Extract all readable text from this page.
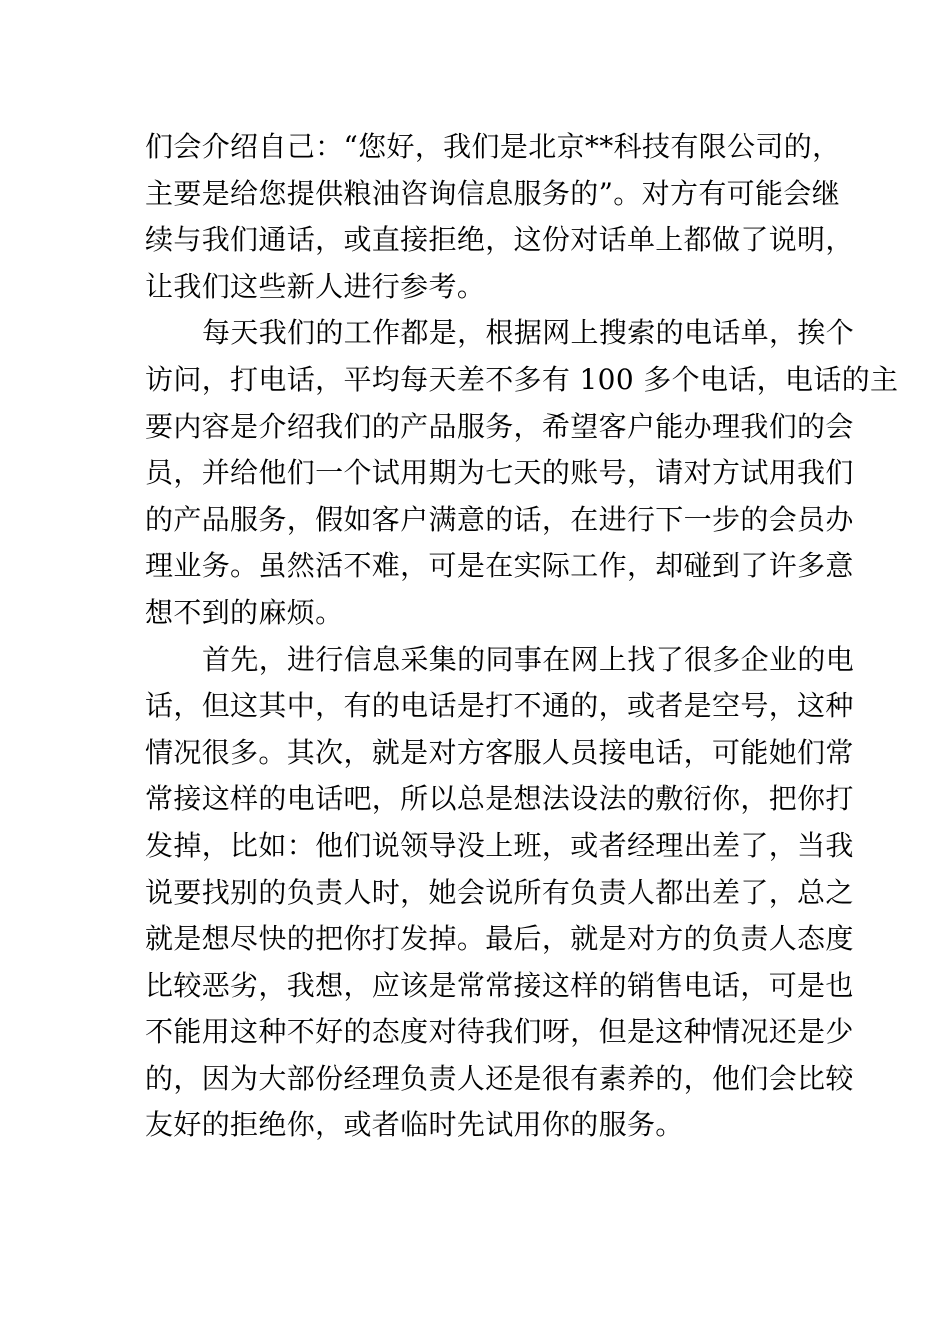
们会介绍自己：“您好，我们是北京**科技有限公司的，
主要是给您提供粮油咨询信息服务的”。对方有可能会继
续与我们通话，或直接拒绝，这份对话单上都做了说明，
让我们这些新人进行参考。
每天我们的工作都是，根据网上搜索的电话单，挨个
访问，打电话，平均每天差不多有 100 多个电话，电话的主
要内容是介绍我们的产品服务，希望客户能办理我们的会
员，并给他们一个试用期为七天的账号，请对方试用我们
的产品服务，假如客户满意的话，在进行下一步的会员办
理业务。虽然活不难，可是在实际工作，却碰到了许多意
想不到的麻烦。
首先，进行信息采集的同事在网上找了很多企业的电
话，但这其中，有的电话是打不通的，或者是空号，这种
情况很多。其次，就是对方客服人员接电话，可能她们常
常接这样的电话吧，所以总是想法设法的敷衍你，把你打
发掉，比如：他们说领导没上班，或者经理出差了，当我
说要找别的负责人时，她会说所有负责人都出差了，总之
就是想尽快的把你打发掉。最后，就是对方的负责人态度
比较恶劣，我想，应该是常常接这样的销售电话，可是也
不能用这种不好的态度对待我们呀，但是这种情况还是少
的，因为大部份经理负责人还是很有素养的，他们会比较
友好的拒绝你，或者临时先试用你的服务。
